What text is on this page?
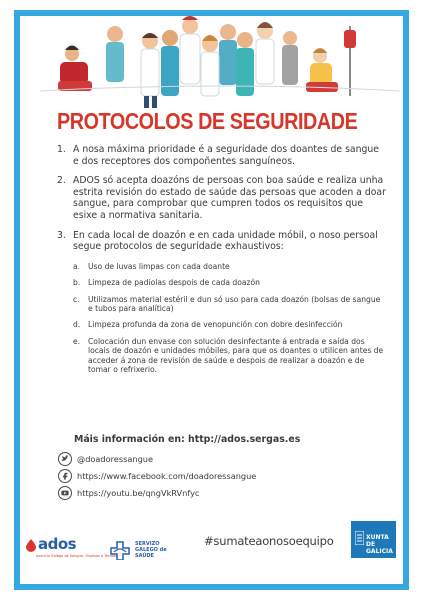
PROTOCOLOS DE SEGURIDADE
1. A nosa máxima prioridade é a seguridade dos doantes de sangue e dos receptores dos compoñentes sanguíneos.
2. ADOS só acepta doazóns de persoas con boa saúde e realiza unha estrita revisión do estado de saúde das persoas que acoden a doar sangue, para comprobar que cumpren todos os requisitos que esixe a normativa sanitaria.
3. En cada local de doazón e en cada unidade móbil, o noso persoal segue protocolos de seguridade exhaustivos:
a. Uso de luvas limpas con cada doante
b. Limpeza de padiolas despois de cada doazón
c. Utilizamos material estéril e dun só uso para cada doazón (bolsas de sangue e tubos para analítica)
d. Limpeza profunda da zona de venopunción con dobre desinfección
e. Colocación dun envase con solución desinfectante á entrada e saída dos locais de doazón e unidades móbiles, para que os doantes o utilicen antes de acceder á zona de revisión de saúde e despois de realizar a doazón e de tomar o refrixerio.
Máis información en: http://ados.sergas.es
@doadoressangue
https://www.facebook.com/doadoressangue
https://youtu.be/qngVkRVnfyc
#sumateaonosoequipo	XUNTA
DE GALICIA
ados
Axencia Galega de Sangue, Órganos e Tecidos
SERVIZO GALEGO de SAÚDE
